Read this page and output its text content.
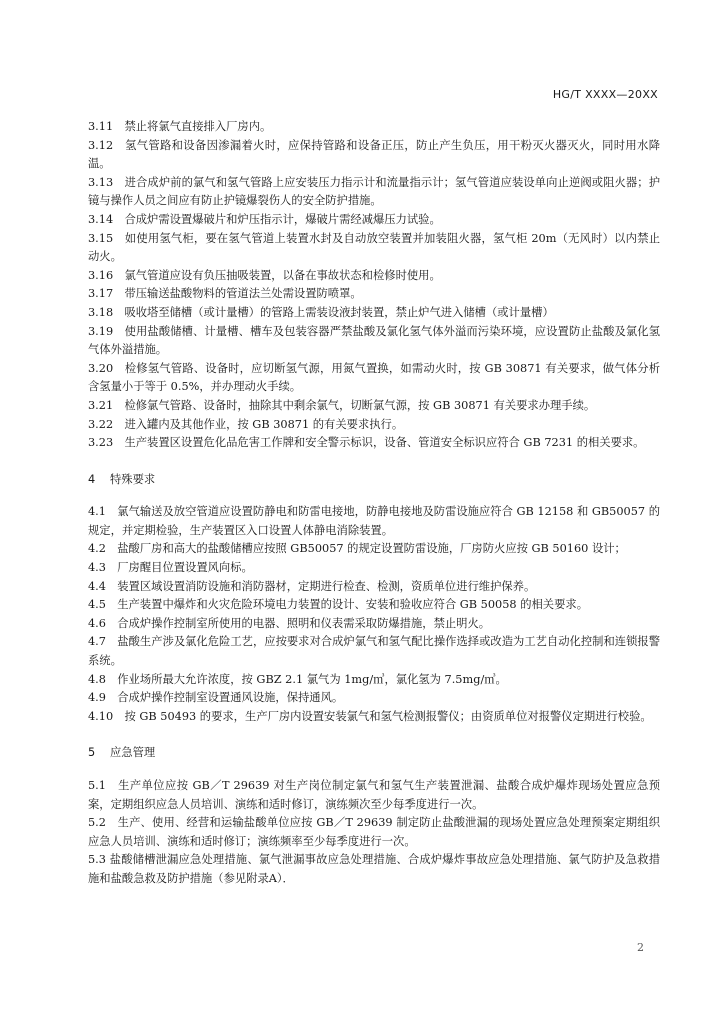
HG/T XXXX—20XX

3.11　禁止将氯气直接排入厂房内。

3.12　氢气管路和设备因渗漏着火时，应保持管路和设备正压，防止产生负压，用干粉灭火器灭火，同时用水降温。

3.13　进合成炉前的氯气和氢气管路上应安装压力指示计和流量指示计；氢气管道应装设单向止逆阀或阻火器；护镜与操作人员之间应有防止护镜爆裂伤人的安全防护措施。

3.14　合成炉需设置爆破片和炉压指示计，爆破片需经减爆压力试验。

3.15　如使用氢气柜，要在氢气管道上装置水封及自动放空装置并加装阻火器，氢气柜 20m（无风时）以内禁止动火。

3.16　氯气管道应设有负压抽吸装置，以备在事故状态和检修时使用。

3.17　带压输送盐酸物料的管道法兰处需设置防喷罩。

3.18　吸收塔至储槽（或计量槽）的管路上需装设液封装置，禁止炉气进入储槽（或计量槽）

3.19　使用盐酸储槽、计量槽、槽车及包装容器严禁盐酸及氯化氢气体外溢而污染环境，应设置防止盐酸及氯化氢气体外溢措施。

3.20　检修氢气管路、设备时，应切断氢气源，用氮气置换，如需动火时，按 GB 30871 有关要求，做气体分析含氢量小于等于 0.5%，并办理动火手续。

3.21　检修氯气管路、设备时，抽除其中剩余氯气，切断氯气源，按 GB 30871 有关要求办理手续。

3.22　进入罐内及其他作业，按 GB 30871 的有关要求执行。

3.23　生产装置区设置危化品危害工作牌和安全警示标识，设备、管道安全标识应符合 GB 7231 的相关要求。

4 特殊要求

4.1　氯气输送及放空管道应设置防静电和防雷电接地，防静电接地及防雷设施应符合 GB 12158 和 GB50057 的规定，并定期检验，生产装置区入口设置人体静电消除装置。

4.2　盐酸厂房和高大的盐酸储槽应按照 GB50057 的规定设置防雷设施，厂房防火应按 GB 50160 设计；

4.3　厂房醒目位置设置风向标。

4.4　装置区域设置消防设施和消防器材，定期进行检查、检测，资质单位进行维护保养。

4.5　生产装置中爆炸和火灾危险环境电力装置的设计、安装和验收应符合 GB 50058 的相关要求。

4.6　合成炉操作控制室所使用的电器、照明和仪表需采取防爆措施，禁止明火。

4.7　盐酸生产涉及氯化危险工艺，应按要求对合成炉氯气和氢气配比操作选择或改造为工艺自动化控制和连锁报警系统。

4.8　作业场所最大允许浓度，按 GBZ 2.1 氯气为 1mg/㎥，氯化氢为 7.5mg/㎥。

4.9　合成炉操作控制室设置通风设施，保持通风。

4.10　按 GB 50493 的要求，生产厂房内设置安装氯气和氢气检测报警仪；由资质单位对报警仪定期进行校验。

5 应急管理

5.1　生产单位应按 GB／T 29639 对生产岗位制定氯气和氢气生产装置泄漏、盐酸合成炉爆炸现场处置应急预案，定期组织应急人员培训、演练和适时修订，演练频次至少每季度进行一次。

5.2　生产、使用、经营和运输盐酸单位应按 GB／T 29639 制定防止盐酸泄漏的现场处置应急处理预案定期组织应急人员培训、演练和适时修订；演练频率至少每季度进行一次。

5.3 盐酸储槽泄漏应急处理措施、氯气泄漏事故应急处理措施、合成炉爆炸事故应急处理措施、氯气防护及急救措施和盐酸急救及防护措施（参见附录A）．

2
